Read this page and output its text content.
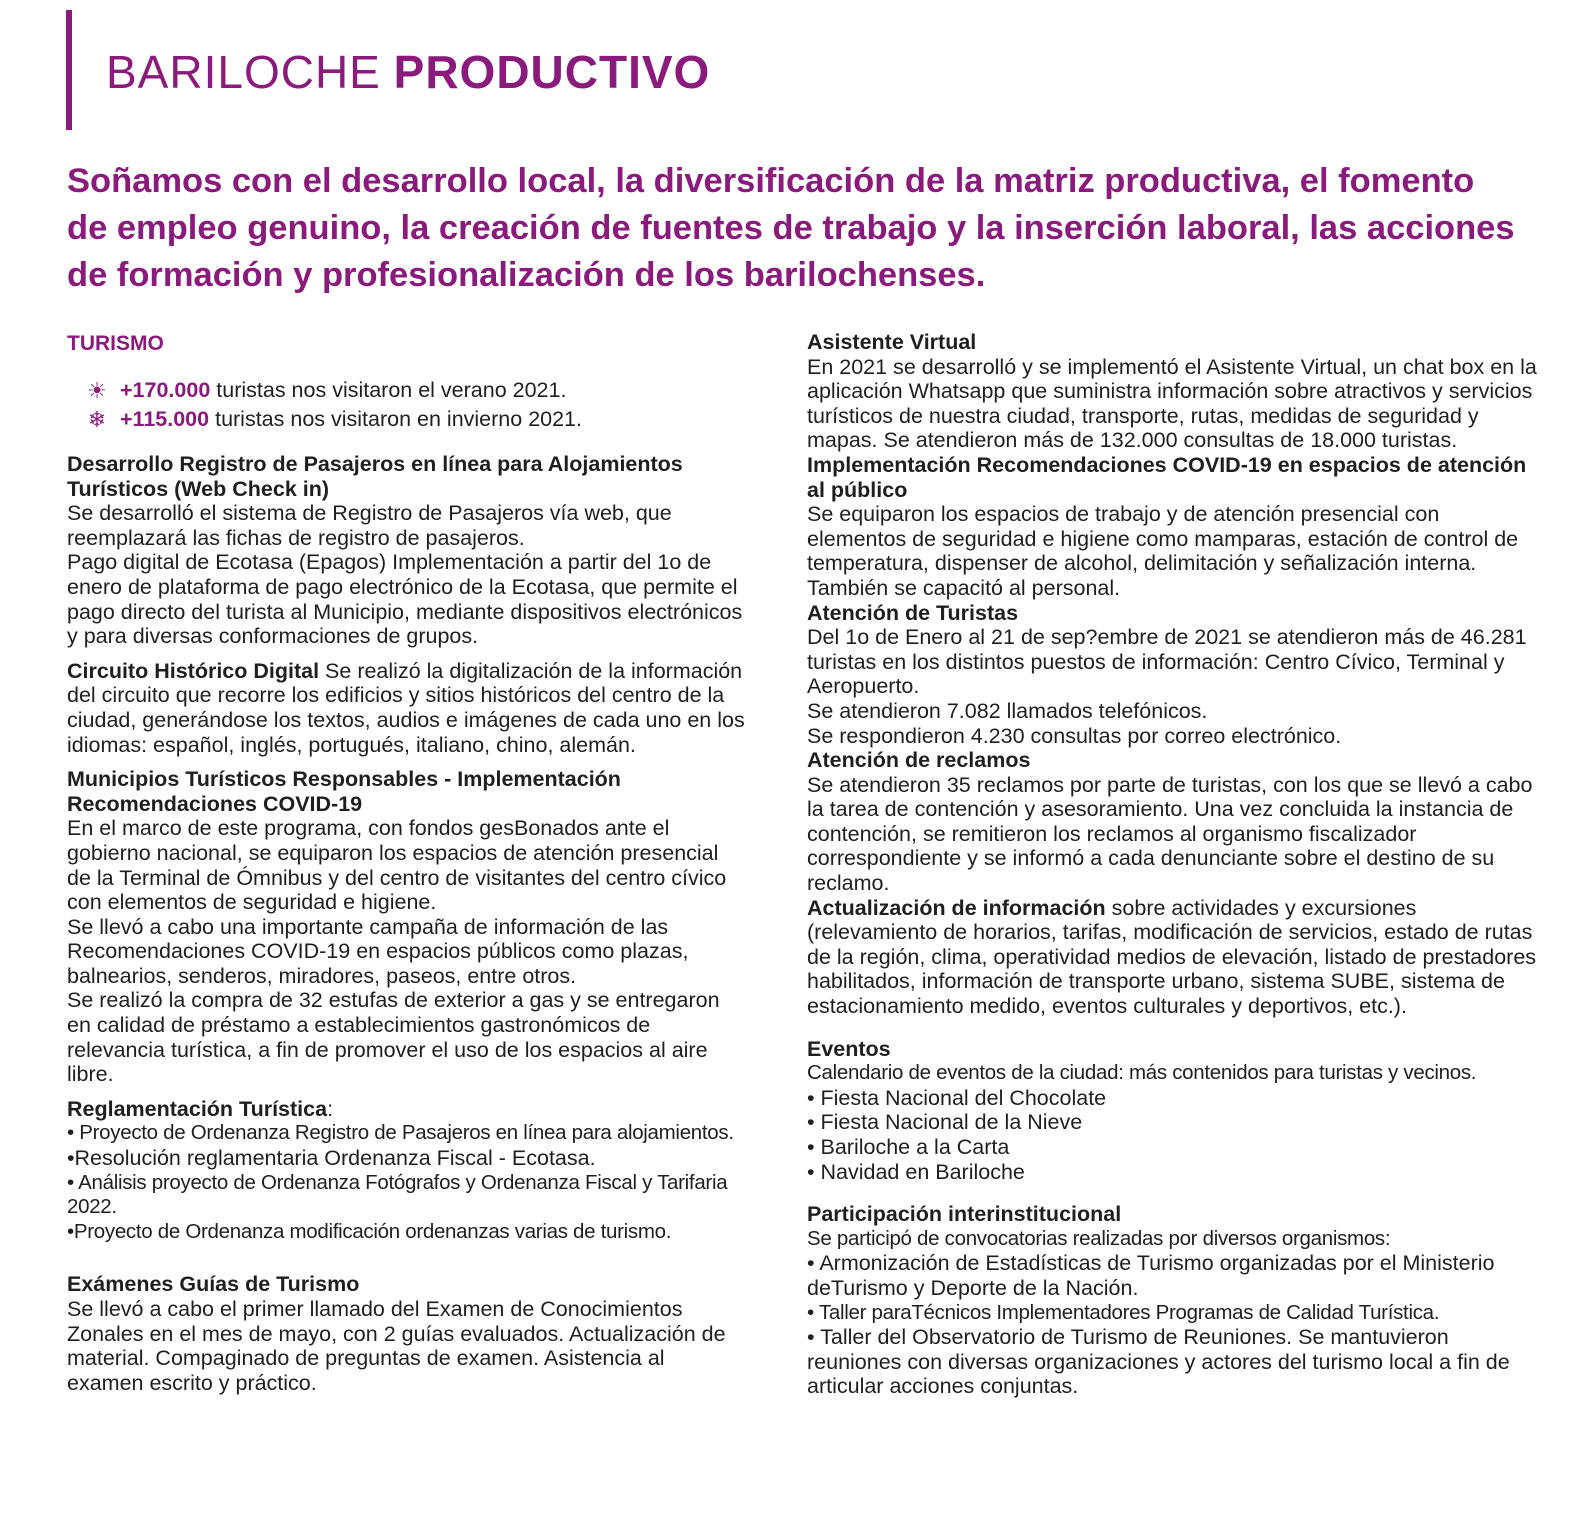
BARILOCHE PRODUCTIVO

Soñamos con el desarrollo local, la diversificación de la matriz productiva, el fomento de empleo genuino, la creación de fuentes de trabajo y la inserción laboral, las acciones de formación y profesionalización de los barilochenses.

TURISMO
☀ +170.000 turistas nos visitaron el verano 2021.
❄ +115.000 turistas nos visitaron en invierno 2021.

Desarrollo Registro de Pasajeros en línea para Alojamientos Turísticos (Web Check in)

Se desarrolló el sistema de Registro de Pasajeros vía web, que reemplazará las fichas de registro de pasajeros.

Pago digital de Ecotasa (Epagos) Implementación a partir del 1o de enero de plataforma de pago electrónico de la Ecotasa, que permite el pago directo del turista al Municipio, mediante dispositivos electrónicos y para diversas conformaciones de grupos.

Circuito Histórico Digital Se realizó la digitalización de la información del circuito que recorre los edificios y sitios históricos del centro de la ciudad, generándose los textos, audios e imágenes de cada uno en los idiomas: español, inglés, portugués, italiano, chino, alemán.

Municipios Turísticos Responsables - Implementación Recomendaciones COVID-19

En el marco de este programa, con fondos gesBonados ante el gobierno nacional, se equiparon los espacios de atención presencial de la Terminal de Ómnibus y del centro de visitantes del centro cívico con elementos de seguridad e higiene.

Se llevó a cabo una importante campaña de información de las Recomendaciones COVID-19 en espacios públicos como plazas, balnearios, senderos, miradores, paseos, entre otros.

Se realizó la compra de 32 estufas de exterior a gas y se entregaron en calidad de préstamo a establecimientos gastronómicos de relevancia turística, a fin de promover el uso de los espacios al aire libre.

Reglamentación Turística:

• Proyecto de Ordenanza Registro de Pasajeros en línea para alojamientos.

•Resolución reglamentaria Ordenanza Fiscal - Ecotasa.

• Análisis proyecto de Ordenanza Fotógrafos y Ordenanza Fiscal y Tarifaria 2022.

•Proyecto de Ordenanza modificación ordenanzas varias de turismo.

Exámenes Guías de Turismo

Se llevó a cabo el primer llamado del Examen de Conocimientos Zonales en el mes de mayo, con 2 guías evaluados. Actualización de material. Compaginado de preguntas de examen. Asistencia al examen escrito y práctico.

Asistente Virtual

En 2021 se desarrolló y se implementó el Asistente Virtual, un chat box en la aplicación Whatsapp que suministra información sobre atractivos y servicios turísticos de nuestra ciudad, transporte, rutas, medidas de seguridad y mapas. Se atendieron más de 132.000 consultas de 18.000 turistas.

Implementación Recomendaciones COVID-19 en espacios de atención al público

Se equiparon los espacios de trabajo y de atención presencial con elementos de seguridad e higiene como mamparas, estación de control de temperatura, dispenser de alcohol, delimitación y señalización interna. También se capacitó al personal.

Atención de Turistas

Del 1o de Enero al 21 de sep?embre de 2021 se atendieron más de 46.281 turistas en los distintos puestos de información: Centro Cívico, Terminal y Aeropuerto.

Se atendieron 7.082 llamados telefónicos.

Se respondieron 4.230 consultas por correo electrónico.

Atención de reclamos

Se atendieron 35 reclamos por parte de turistas, con los que se llevó a cabo la tarea de contención y asesoramiento. Una vez concluida la instancia de contención, se remitieron los reclamos al organismo fiscalizador correspondiente y se informó a cada denunciante sobre el destino de su reclamo.

Actualización de información sobre actividades y excursiones (relevamiento de horarios, tarifas, modificación de servicios, estado de rutas de la región, clima, operatividad medios de elevación, listado de prestadores habilitados, información de transporte urbano, sistema SUBE, sistema de estacionamiento medido, eventos culturales y deportivos, etc.).

Eventos

Calendario de eventos de la ciudad: más contenidos para turistas y vecinos.

• Fiesta Nacional del Chocolate

• Fiesta Nacional de la Nieve

• Bariloche a la Carta

• Navidad en Bariloche

Participación interinstitucional

Se participó de convocatorias realizadas por diversos organismos:

• Armonización de Estadísticas de Turismo organizadas por el Ministerio deTurismo y Deporte de la Nación.

• Taller paraTécnicos Implementadores Programas de Calidad Turística.

• Taller del Observatorio de Turismo de Reuniones. Se mantuvieron reuniones con diversas organizaciones y actores del turismo local a fin de articular acciones conjuntas.
